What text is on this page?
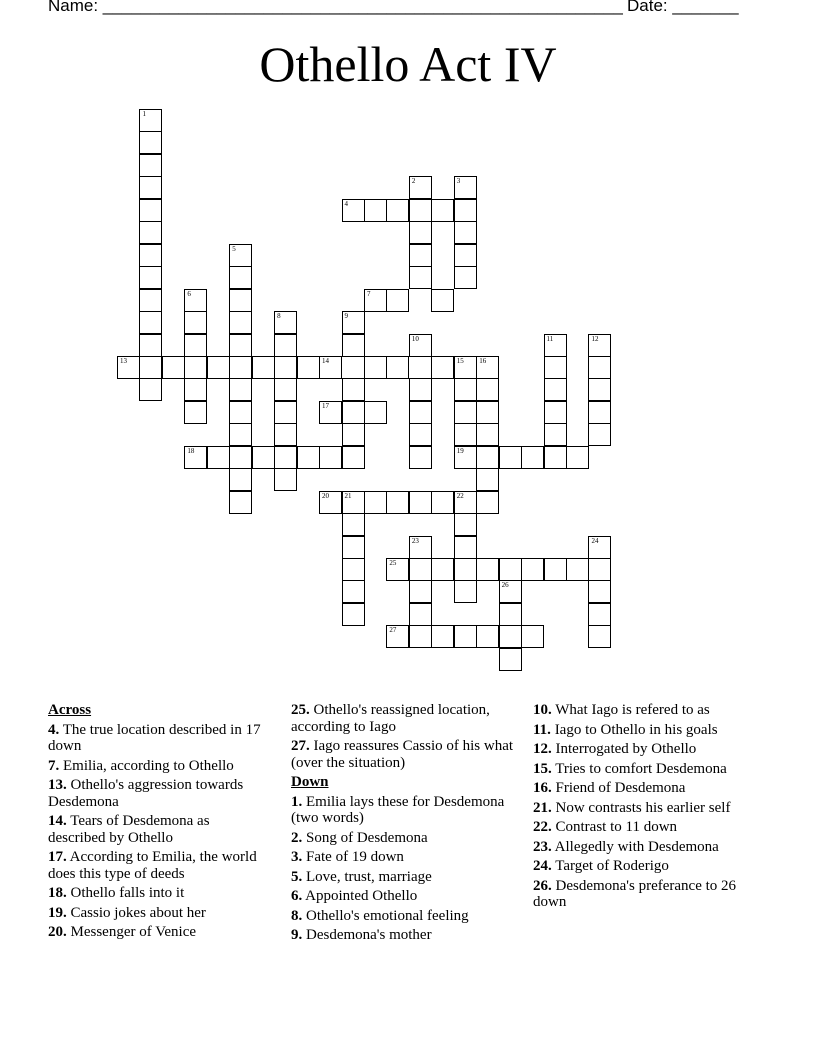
Name: _______________________________________________________ Date: _______
Othello Act IV
1
13
2	3
4
5
7
6
8	9
10	11	12
14	15 16
17
18	19
20 21	22
23	24
25
26
27
Across
4. The true location described in 17 down
7. Emilia, according to Othello
13. Othello's aggression towards Desdemona
14. Tears of Desdemona as described by Othello
17. According to Emilia, the world does this type of deeds
18. Othello falls into it
19. Cassio jokes about her
20. Messenger of Venice
25. Othello's reassigned location, according to Iago
27. Iago reassures Cassio of his what (over the situation)
Down
1. Emilia lays these for Desdemona (two words)
2. Song of Desdemona
3. Fate of 19 down
5. Love, trust, marriage
6. Appointed Othello
8. Othello's emotional feeling
9. Desdemona's mother
10. What Iago is refered to as
11. Iago to Othello in his goals
12. Interrogated by Othello
15. Tries to comfort Desdemona
16. Friend of Desdemona
21. Now contrasts his earlier self
22. Contrast to 11 down
23. Allegedly with Desdemona
24. Target of Roderigo
26. Desdemona's preferance to 26 down
